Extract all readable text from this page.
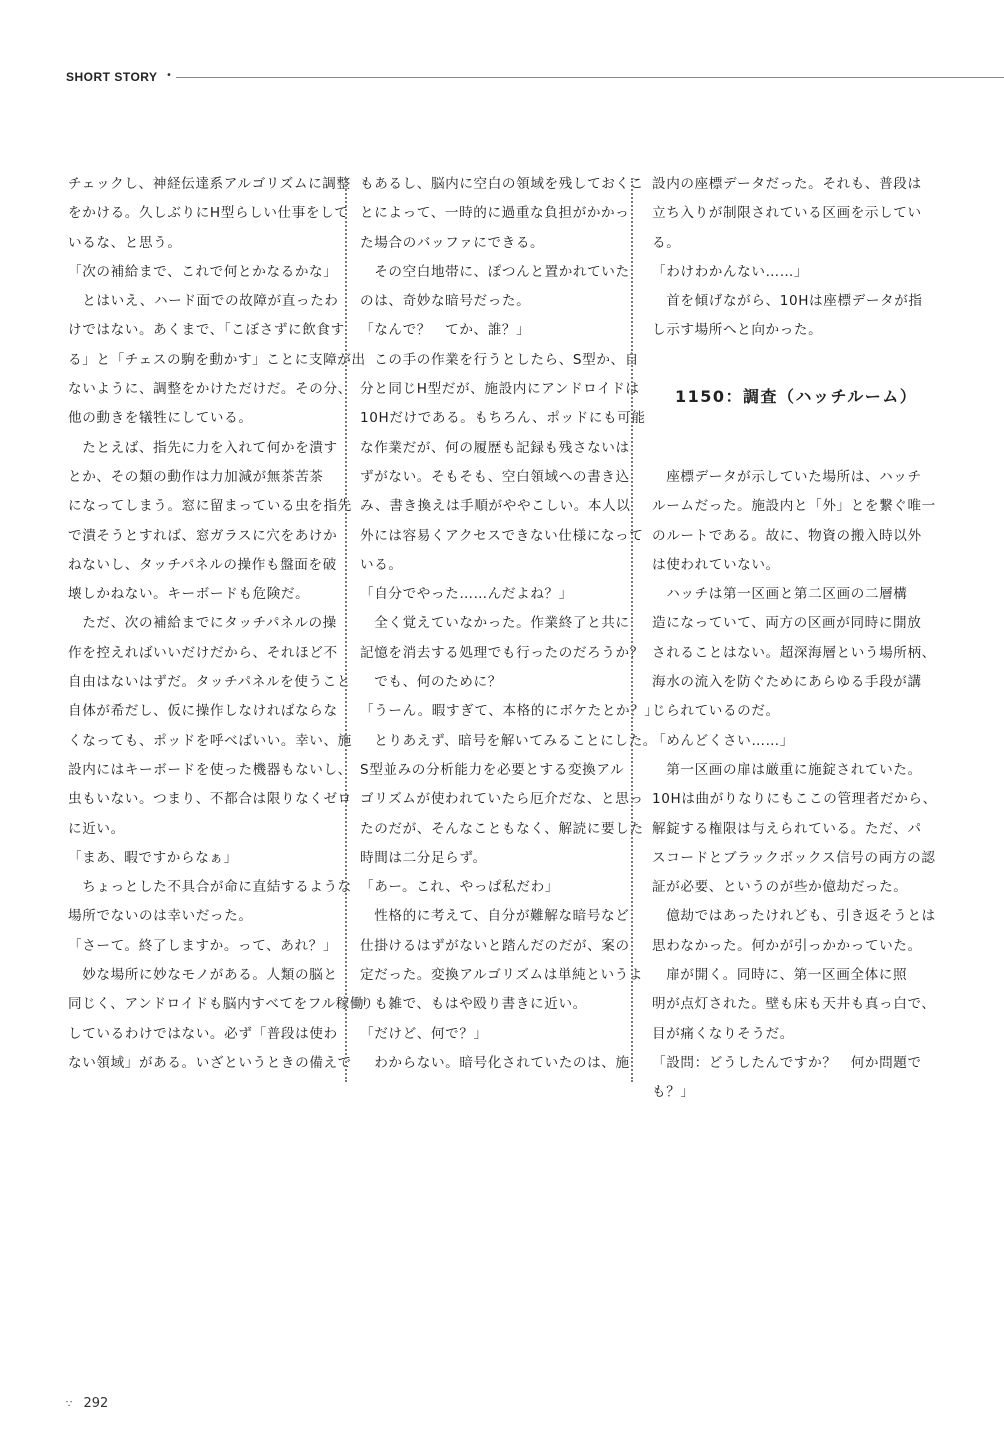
SHORT STORY •
チェックし、神経伝達系アルゴリズムに調整
をかける。久しぶりにH型らしい仕事をして
いるな、と思う。
「次の補給まで、これで何とかなるかな」
　とはいえ、ハード面での故障が直ったわ
けではない。あくまで、「こぼさずに飲食す
る」と「チェスの駒を動かす」ことに支障が出
ないように、調整をかけただけだ。その分、
他の動きを犠牲にしている。
　たとえば、指先に力を入れて何かを潰す
とか、その類の動作は力加減が無茶苦茶
になってしまう。窓に留まっている虫を指先
で潰そうとすれば、窓ガラスに穴をあけか
ねないし、タッチパネルの操作も盤面を破
壊しかねない。キーボードも危険だ。
　ただ、次の補給までにタッチパネルの操
作を控えればいいだけだから、それほど不
自由はないはずだ。タッチパネルを使うこと
自体が希だし、仮に操作しなければならな
くなっても、ポッドを呼べばいい。幸い、施
設内にはキーボードを使った機器もないし、
虫もいない。つまり、不都合は限りなくゼロ
に近い。
「まあ、暇ですからなぁ」
　ちょっとした不具合が命に直結するような
場所でないのは幸いだった。
「さーて。終了しますか。って、あれ？」
　妙な場所に妙なモノがある。人類の脳と
同じく、アンドロイドも脳内すべてをフル稼働
しているわけではない。必ず「普段は使わ
ない領域」がある。いざというときの備えで
もあるし、脳内に空白の領域を残しておくこ
とによって、一時的に過重な負担がかかっ
た場合のバッファにできる。
　その空白地帯に、ぽつんと置かれていた
のは、奇妙な暗号だった。
「なんで？　てか、誰？」
　この手の作業を行うとしたら、S型か、自
分と同じH型だが、施設内にアンドロイドは
10Hだけである。もちろん、ポッドにも可能
な作業だが、何の履歴も記録も残さないは
ずがない。そもそも、空白領域への書き込
み、書き換えは手順がややこしい。本人以
外には容易くアクセスできない仕様になって
いる。
「自分でやった……んだよね？」
　全く覚えていなかった。作業終了と共に
記憶を消去する処理でも行ったのだろうか？
　でも、何のために？
「うーん。暇すぎて、本格的にボケたとか？」
　とりあえず、暗号を解いてみることにした。
S型並みの分析能力を必要とする変換アル
ゴリズムが使われていたら厄介だな、と思っ
たのだが、そんなこともなく、解読に要した
時間は二分足らず。
「あー。これ、やっぱ私だわ」
　性格的に考えて、自分が難解な暗号など
仕掛けるはずがないと踏んだのだが、案の
定だった。変換アルゴリズムは単純というよ
りも雑で、もはや殴り書きに近い。
「だけど、何で？」
　わからない。暗号化されていたのは、施
設内の座標データだった。それも、普段は
立ち入りが制限されている区画を示してい
る。
「わけわかんない……」
　首を傾げながら、10Hは座標データが指
し示す場所へと向かった。
1150：調査（ハッチルーム）
　座標データが示していた場所は、ハッチ
ルームだった。施設内と「外」とを繋ぐ唯一
のルートである。故に、物資の搬入時以外
は使われていない。
　ハッチは第一区画と第二区画の二層構
造になっていて、両方の区画が同時に開放
されることはない。超深海層という場所柄、
海水の流入を防ぐためにあらゆる手段が講
じられているのだ。
「めんどくさい……」
　第一区画の扉は厳重に施錠されていた。
10Hは曲がりなりにもここの管理者だから、
解錠する権限は与えられている。ただ、パ
スコードとブラックボックス信号の両方の認
証が必要、というのが些か億劫だった。
　億劫ではあったけれども、引き返そうとは
思わなかった。何かが引っかかっていた。
　扉が開く。同時に、第一区画全体に照
明が点灯された。壁も床も天井も真っ白で、
目が痛くなりそうだ。
「設問：どうしたんですか？　何か問題で
も？」
∵ 292
